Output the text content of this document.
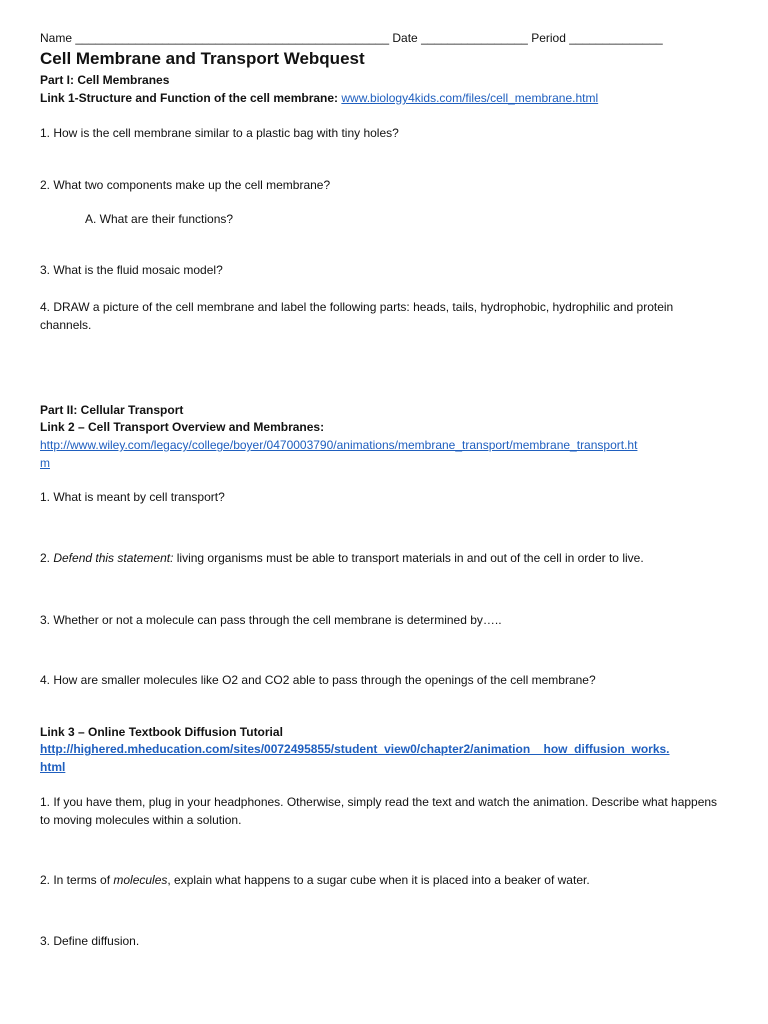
Name _______________________________________________ Date ________________ Period ______________
Cell Membrane and Transport Webquest
Part I: Cell Membranes
Link 1-Structure and Function of the cell membrane: www.biology4kids.com/files/cell_membrane.html
1. How is the cell membrane similar to a plastic bag with tiny holes?
2. What two components make up the cell membrane?
A. What are their functions?
3. What is the fluid mosaic model?
4. DRAW a picture of the cell membrane and label the following parts: heads, tails, hydrophobic, hydrophilic and protein channels.
Part II: Cellular Transport
Link 2 – Cell Transport Overview and Membranes:
http://www.wiley.com/legacy/college/boyer/0470003790/animations/membrane_transport/membrane_transport.ht
m
1. What is meant by cell transport?
2. Defend this statement: living organisms must be able to transport materials in and out of the cell in order to live.
3. Whether or not a molecule can pass through the cell membrane is determined by…..
4. How are smaller molecules like O2 and CO2 able to pass through the openings of the cell membrane?
Link 3 – Online Textbook Diffusion Tutorial
http://highered.mheducation.com/sites/0072495855/student_view0/chapter2/animation__how_diffusion_works.
html
1. If you have them, plug in your headphones. Otherwise, simply read the text and watch the animation. Describe what happens to moving molecules within a solution.
2. In terms of molecules, explain what happens to a sugar cube when it is placed into a beaker of water.
3. Define diffusion.
